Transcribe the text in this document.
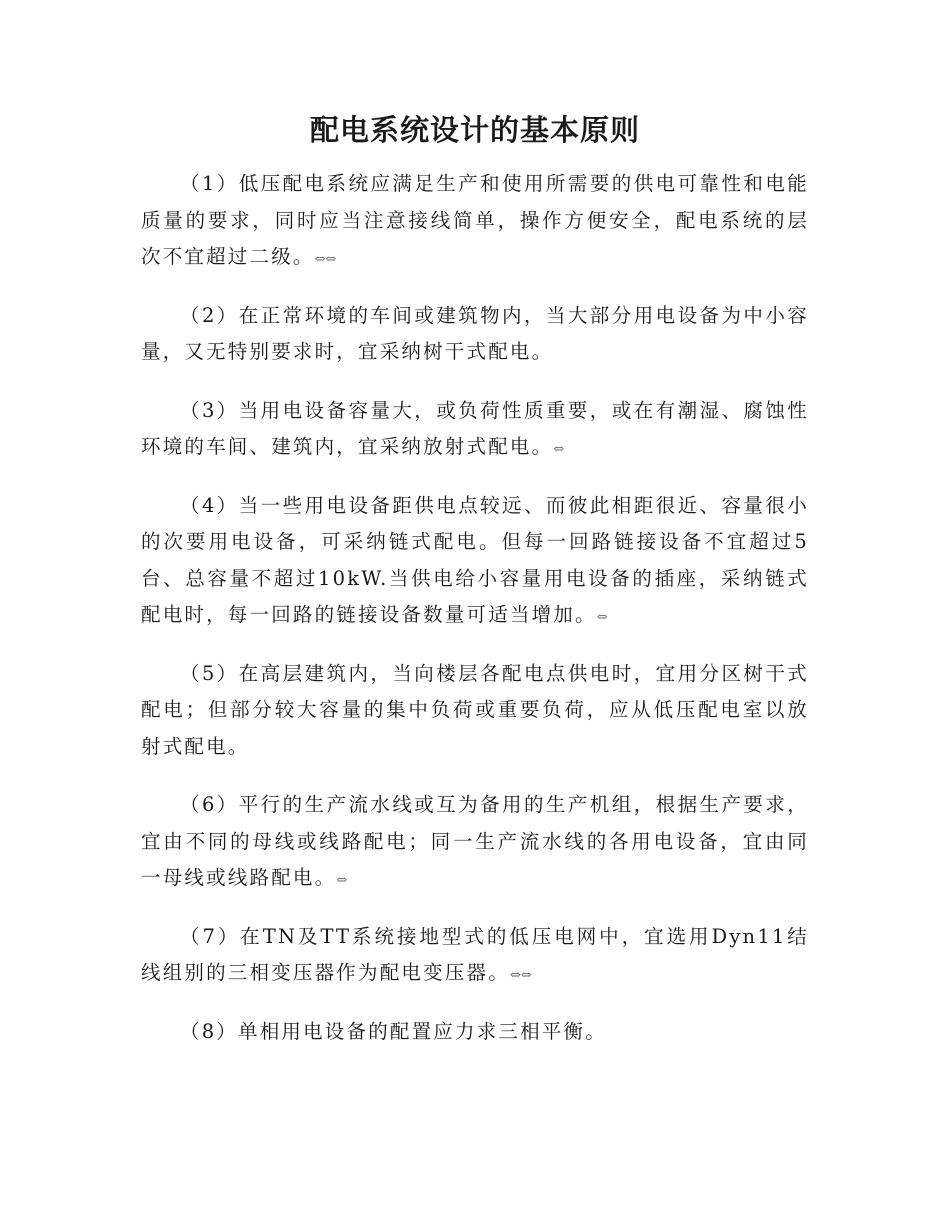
配电系统设计的基本原则

（1）低压配电系统应满足生产和使用所需要的供电可靠性和电能质量的要求，同时应当注意接线简单，操作方便安全，配电系统的层次不宜超过二级。⇔⇔

（2）在正常环境的车间或建筑物内，当大部分用电设备为中小容量，又无特别要求时，宜采纳树干式配电。

（3）当用电设备容量大，或负荷性质重要，或在有潮湿、腐蚀性环境的车间、建筑内，宜采纳放射式配电。⇔

（4）当一些用电设备距供电点较远、而彼此相距很近、容量很小的次要用电设备，可采纳链式配电。但每一回路链接设备不宜超过5台、总容量不超过10kW.当供电给小容量用电设备的插座，采纳链式配电时，每一回路的链接设备数量可适当增加。⇔

（5）在高层建筑内，当向楼层各配电点供电时，宜用分区树干式配电；但部分较大容量的集中负荷或重要负荷，应从低压配电室以放射式配电。

（6）平行的生产流水线或互为备用的生产机组，根据生产要求，宜由不同的母线或线路配电；同一生产流水线的各用电设备，宜由同一母线或线路配电。⇔

（7）在TN及TT系统接地型式的低压电网中，宜选用Dyn11结线组别的三相变压器作为配电变压器。⇔⇔

（8）单相用电设备的配置应力求三相平衡。
